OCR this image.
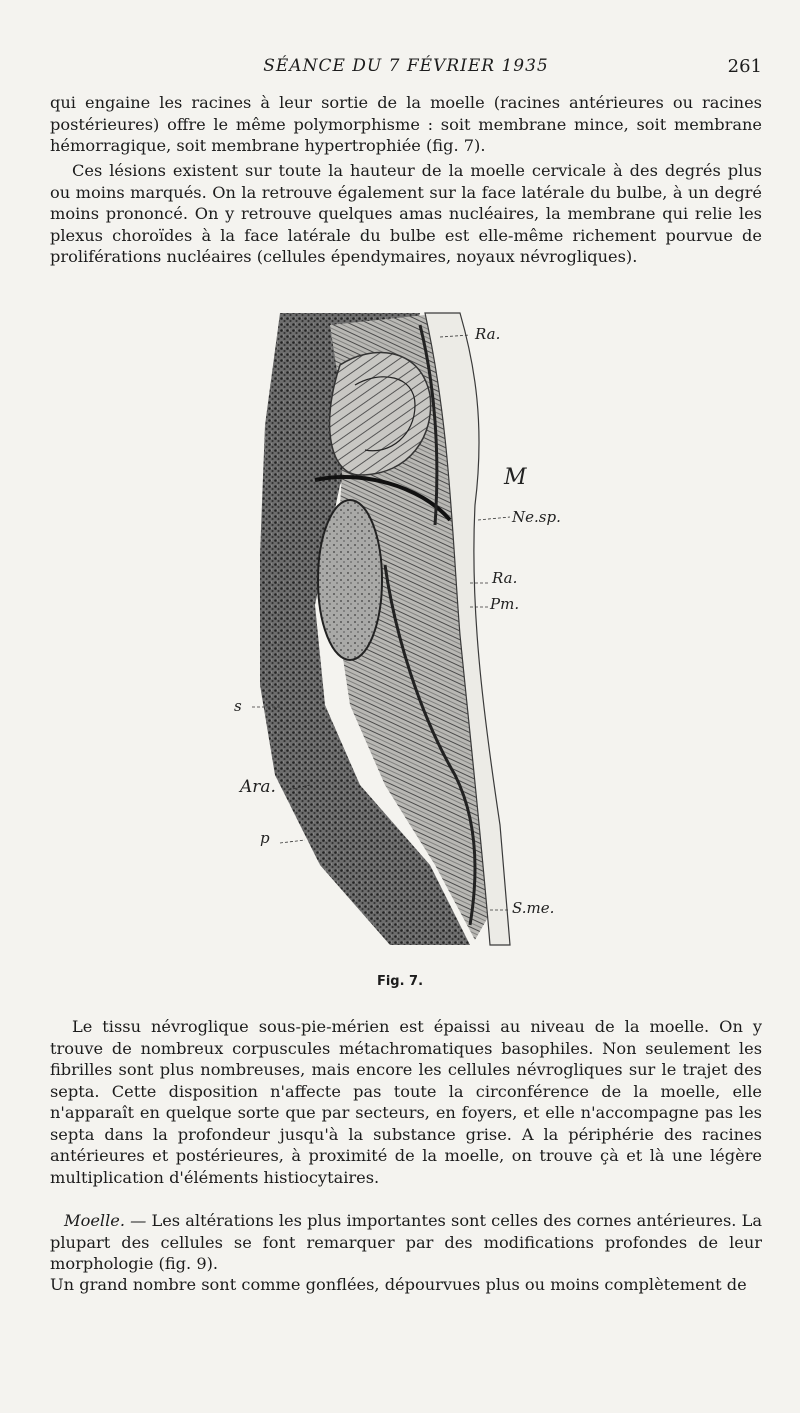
SÉANCE DU 7 FÉVRIER 1935	261

qui engaine les racines à leur sortie de la moelle (racines antérieures ou racines postérieures) offre le même polymorphisme : soit membrane mince, soit membrane hémorragique, soit membrane hypertrophiée (fig. 7).

Ces lésions existent sur toute la hauteur de la moelle cervicale à des degrés plus ou moins marqués. On la retrouve également sur la face latérale du bulbe, à un degré moins prononcé. On y retrouve quelques amas nucléaires, la membrane qui relie les plexus choroïdes à la face latérale du bulbe est elle-même richement pourvue de proliférations nucléaires (cellules épendymaires, noyaux névrogliques).

Ra.
M
Ne.sp.
Ra.
Pm.
s
Ara.
p
S.me.
Fig. 7.

Le tissu névroglique sous-pie-mérien est épaissi au niveau de la moelle. On y trouve de nombreux corpuscules métachromatiques basophiles. Non seulement les fibrilles sont plus nombreuses, mais encore les cellules névrogliques sur le trajet des septa. Cette disposition n'affecte pas toute la circonférence de la moelle, elle n'apparaît en quelque sorte que par secteurs, en foyers, et elle n'accompagne pas les septa dans la profondeur jusqu'à la substance grise. A la périphérie des racines antérieures et postérieures, à proximité de la moelle, on trouve çà et là une légère multiplication d'éléments histiocytaires.

Moelle. — Les altérations les plus importantes sont celles des cornes antérieures. La plupart des cellules se font remarquer par des modifications profondes de leur morphologie (fig. 9).

Un grand nombre sont comme gonflées, dépourvues plus ou moins complètement de
